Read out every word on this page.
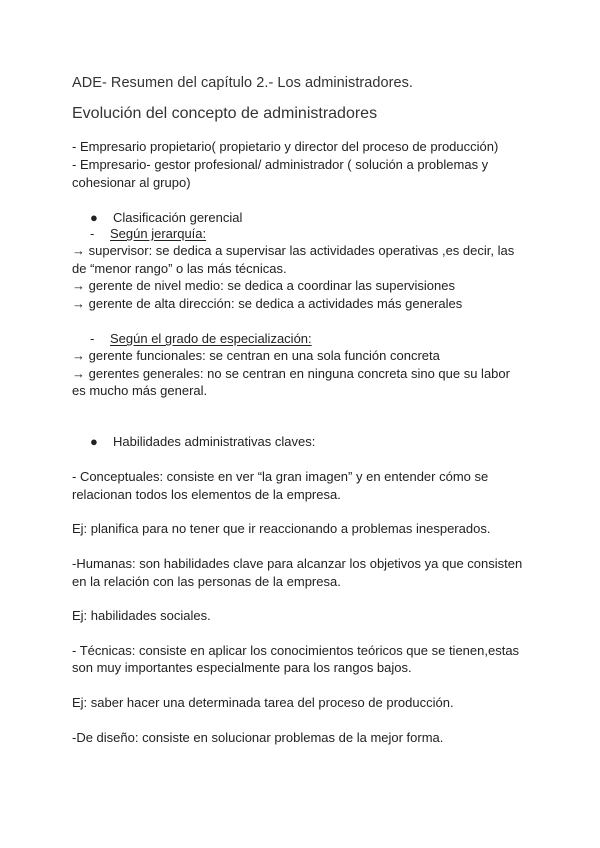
ADE- Resumen del capítulo 2.- Los administradores.
Evolución del concepto de administradores
- Empresario propietario( propietario y director del proceso de producción)
- Empresario- gestor profesional/ administrador ( solución a problemas y
cohesionar al grupo)
● Clasificación gerencial
- Según jerarquía:
→ supervisor: se dedica a supervisar las actividades operativas ,es decir, las
de “menor rango” o las más técnicas.
→ gerente de nivel medio: se dedica a coordinar las supervisiones
→ gerente de alta dirección: se dedica a actividades más generales
- Según el grado de especialización:
→ gerente funcionales: se centran en una sola función concreta
→ gerentes generales: no se centran en ninguna concreta sino que su labor
es mucho más general.
● Habilidades administrativas claves:
- Conceptuales: consiste en ver “la gran imagen” y en entender cómo se
relacionan todos los elementos de la empresa.
Ej: planifica para no tener que ir reaccionando a problemas inesperados.
-Humanas: son habilidades clave para alcanzar los objetivos ya que consisten
en la relación con las personas de la empresa.
Ej: habilidades sociales.
- Técnicas: consiste en aplicar los conocimientos teóricos que se tienen,estas
son muy importantes especialmente para los rangos bajos.
Ej: saber hacer una determinada tarea del proceso de producción.
-De diseño: consiste en solucionar problemas de la mejor forma.
